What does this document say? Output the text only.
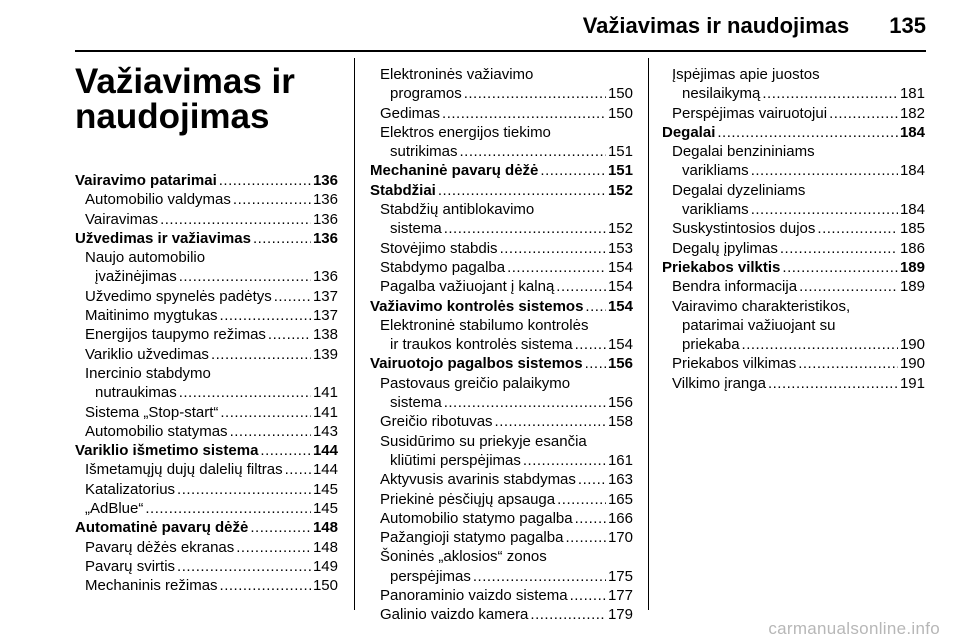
Važiavimas ir naudojimas 135
Važiavimas ir naudojimas
Vairavimo patarimai .....	136
Automobilio valdymas .....	136
Vairavimas .....	136
Užvedimas ir važiavimas .....	136
Naujo automobilio
įvažinėjimas .....	136
Užvedimo spynelės padėtys .....	137
Maitinimo mygtukas .....	137
Energijos taupymo režimas .....	138
Variklio užvedimas .....	139
Inercinio stabdymo
nutraukimas .....	141
Sistema „Stop-start“ .....	141
Automobilio statymas .....	143
Variklio išmetimo sistema .....	144
Išmetamųjų dujų dalelių filtras ..... 144
Katalizatorius .....	145
„AdBlue“ .....	145
Automatinė pavarų dėžė .....	148
Pavarų dėžės ekranas .....	148
Pavarų svirtis .....	149
Mechaninis režimas .....	150
Elektroninės važiavimo
programos .....	150
Gedimas .....	150
Elektros energijos tiekimo
sutrikimas .....	151
Mechaninė pavarų dėžė .....	151
Stabdžiai .....	152
Stabdžių antiblokavimo
sistema .....	152
Stovėjimo stabdis .....	153
Stabdymo pagalba .....	154
Pagalba važiuojant į kalną .....	154
Važiavimo kontrolės sistemos ..... 154
Elektroninė stabilumo kontrolės
ir traukos kontrolės sistema ..... 154
Vairuotojo pagalbos sistemos ..... 156
Pastovaus greičio palaikymo
sistema .....	156
Greičio ribotuvas .....	158
Susidūrimo su priekyje esančia
kliūtimi perspėjimas .....	161
Aktyvusis avarinis stabdymas ..... 163
Priekinė pėsčiųjų apsauga .....	165
Automobilio statymo pagalba ..... 166
Pažangioji statymo pagalba .....	170
Šoninės „aklosios“ zonos
perspėjimas .....	175
Panoraminio vaizdo sistema .....	177
Galinio vaizdo kamera .....	179
Įspėjimas apie juostos
nesilaikymą .....	181
Perspėjimas vairuotojui .....	182
Degalai .....	184
Degalai benzininiams
varikliams .....	184
Degalai dyzeliniams
varikliams .....	184
Suskystintosios dujos .....	185
Degalų įpylimas .....	186
Priekabos vilktis .....	189
Bendra informacija .....	189
Vairavimo charakteristikos,
patarimai važiuojant su
priekaba .....	190
Priekabos vilkimas .....	190
Vilkimo įranga .....	191
carmanualsonline.info
